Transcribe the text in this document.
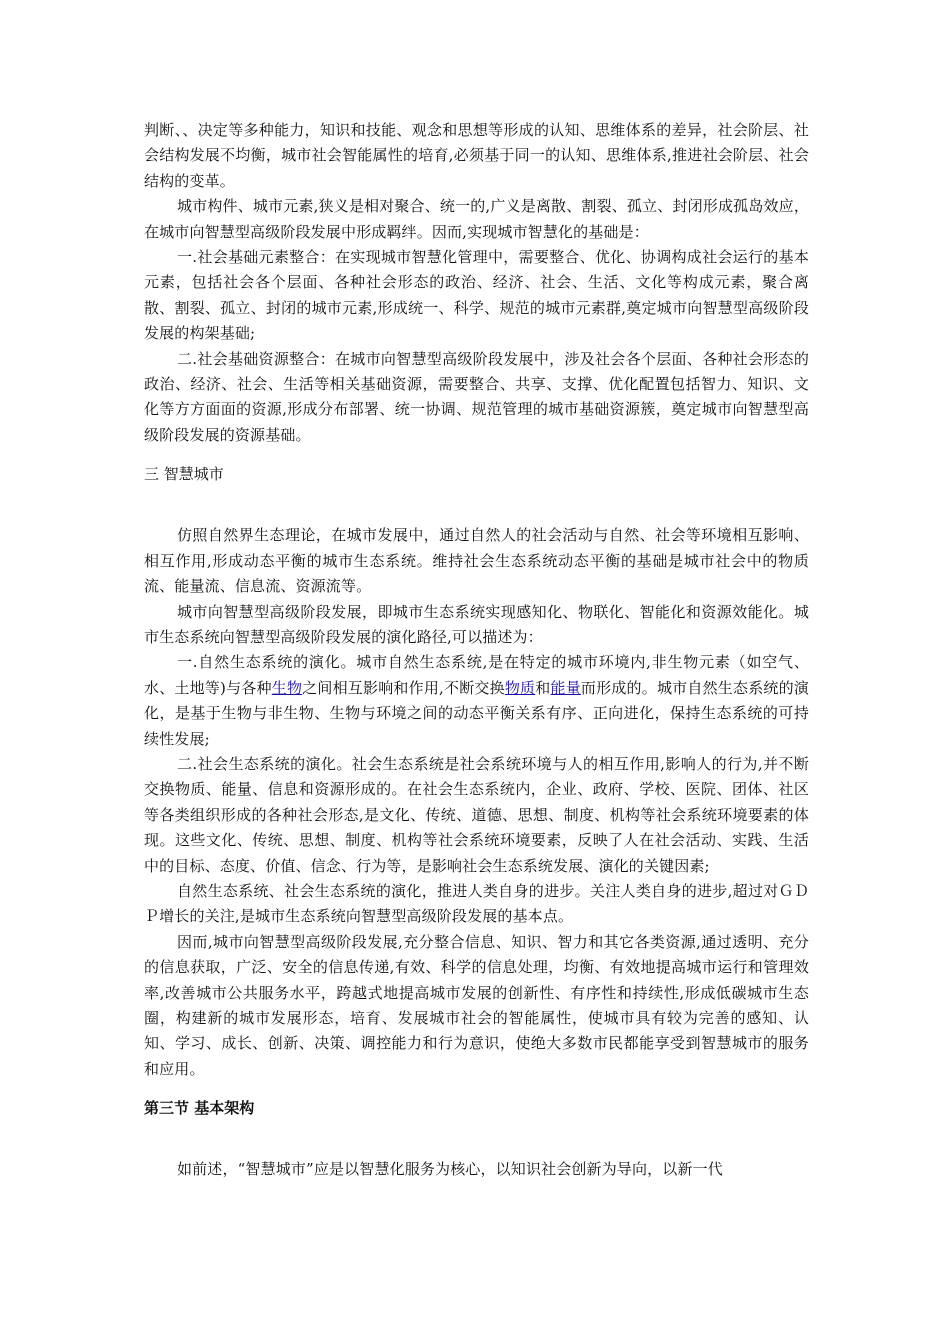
判断、、决定等多种能力，知识和技能、观念和思想等形成的认知、思维体系的差异，社会阶层、社会结构发展不均衡，城市社会智能属性的培育,必须基于同一的认知、思维体系,推进社会阶层、社会结构的变革。

城市构件、城市元素,狭义是相对聚合、统一的,广义是离散、割裂、孤立、封闭形成孤岛效应，在城市向智慧型高级阶段发展中形成羁绊。因而,实现城市智慧化的基础是：

一.社会基础元素整合：在实现城市智慧化管理中，需要整合、优化、协调构成社会运行的基本元素，包括社会各个层面、各种社会形态的政治、经济、社会、生活、文化等构成元素，聚合离散、割裂、孤立、封闭的城市元素,形成统一、科学、规范的城市元素群,奠定城市向智慧型高级阶段发展的构架基础;

二.社会基础资源整合：在城市向智慧型高级阶段发展中，涉及社会各个层面、各种社会形态的政治、经济、社会、生活等相关基础资源，需要整合、共享、支撑、优化配置包括智力、知识、文化等方方面面的资源,形成分布部署、统一协调、规范管理的城市基础资源簇，奠定城市向智慧型高级阶段发展的资源基础。

三 智慧城市

仿照自然界生态理论，在城市发展中，通过自然人的社会活动与自然、社会等环境相互影响、相互作用,形成动态平衡的城市生态系统。维持社会生态系统动态平衡的基础是城市社会中的物质流、能量流、信息流、资源流等。

城市向智慧型高级阶段发展，即城市生态系统实现感知化、物联化、智能化和资源效能化。城市生态系统向智慧型高级阶段发展的演化路径,可以描述为：

一.自然生态系统的演化。城市自然生态系统,是在特定的城市环境内,非生物元素（如空气、水、土地等)与各种生物之间相互影响和作用,不断交换物质和能量而形成的。城市自然生态系统的演化，是基于生物与非生物、生物与环境之间的动态平衡关系有序、正向进化，保持生态系统的可持续性发展;

二.社会生态系统的演化。社会生态系统是社会系统环境与人的相互作用,影响人的行为,并不断交换物质、能量、信息和资源形成的。在社会生态系统内，企业、政府、学校、医院、团体、社区等各类组织形成的各种社会形态,是文化、传统、道德、思想、制度、机构等社会系统环境要素的体现。这些文化、传统、思想、制度、机构等社会系统环境要素，反映了人在社会活动、实践、生活中的目标、态度、价值、信念、行为等，是影响社会生态系统发展、演化的关键因素;

自然生态系统、社会生态系统的演化，推进人类自身的进步。关注人类自身的进步,超过对ＧＤＰ增长的关注,是城市生态系统向智慧型高级阶段发展的基本点。

因而,城市向智慧型高级阶段发展,充分整合信息、知识、智力和其它各类资源,通过透明、充分的信息获取，广泛、安全的信息传递,有效、科学的信息处理，均衡、有效地提高城市运行和管理效率,改善城市公共服务水平，跨越式地提高城市发展的创新性、有序性和持续性,形成低碳城市生态圈，构建新的城市发展形态，培育、发展城市社会的智能属性，使城市具有较为完善的感知、认知、学习、成长、创新、决策、调控能力和行为意识，使绝大多数市民都能享受到智慧城市的服务和应用。

第三节 基本架构

如前述，“智慧城市”应是以智慧化服务为核心，以知识社会创新为导向，以新一代
